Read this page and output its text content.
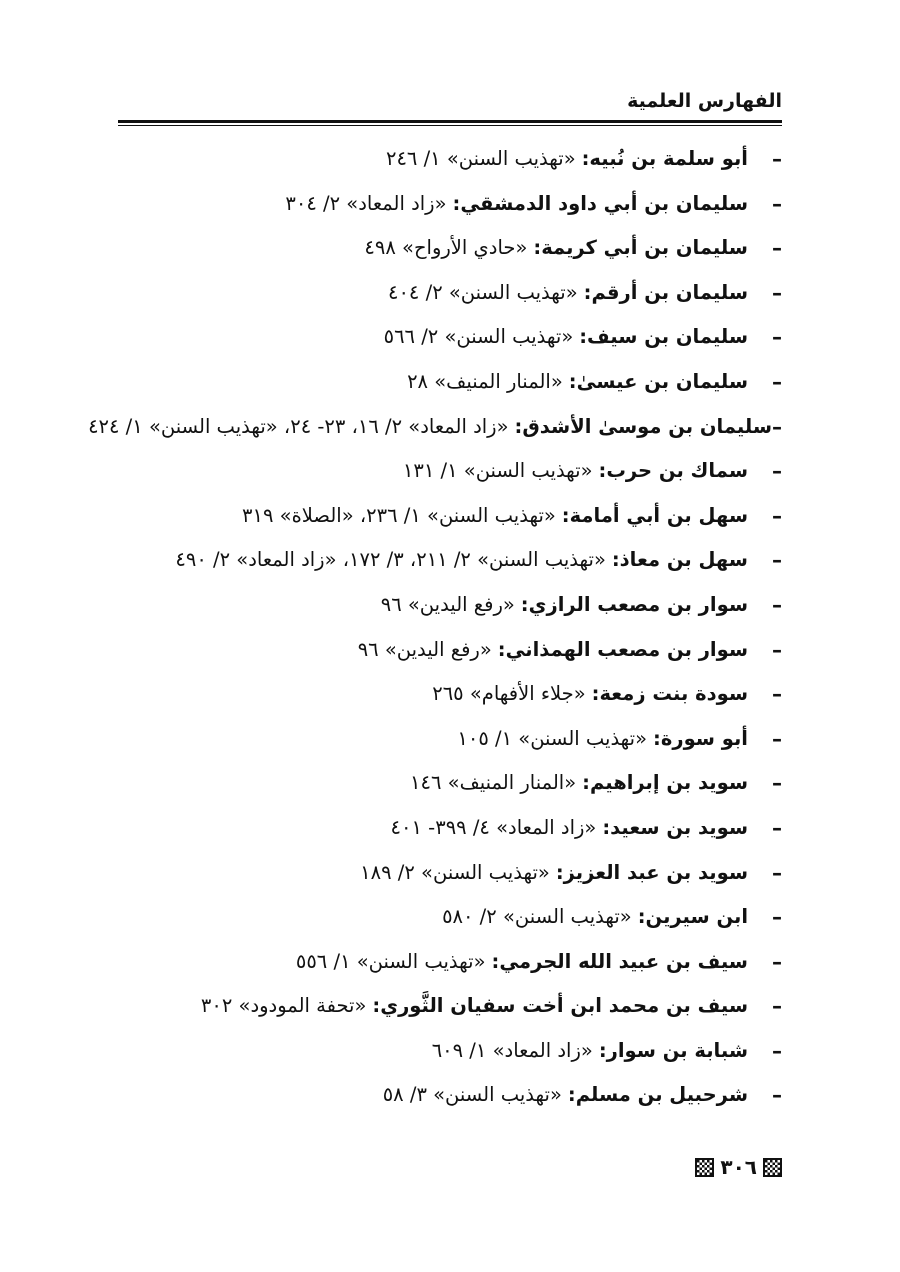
الفهارس العلمية
–
أبو سلمة بن نُبيه:
«تهذيب السنن» ١/ ٢٤٦
–
سليمان بن أبي داود الدمشقي:
«زاد المعاد» ٢/ ٣٠٤
–
سليمان بن أبي كريمة:
«حادي الأرواح» ٤٩٨
–
سليمان بن أرقم:
«تهذيب السنن» ٢/ ٤٠٤
–
سليمان بن سيف:
«تهذيب السنن» ٢/ ٥٦٦
–
سليمان بن عيسىٰ:
«المنار المنيف» ٢٨
–
سليمان بن موسىٰ الأشدق:
«زاد المعاد» ٢/ ١٦، ٢٣- ٢٤، «تهذيب السنن» ١/ ٤٢٤
–
سماك بن حرب:
«تهذيب السنن» ١/ ١٣١
–
سهل بن أبي أمامة:
«تهذيب السنن» ١/ ٢٣٦، «الصلاة» ٣١٩
–
سهل بن معاذ:
«تهذيب السنن» ٢/ ٢١١، ٣/ ١٧٢، «زاد المعاد» ٢/ ٤٩٠
–
سوار بن مصعب الرازي:
«رفع اليدين» ٩٦
–
سوار بن مصعب الهمذاني:
«رفع اليدين» ٩٦
–
سودة بنت زمعة:
«جلاء الأفهام» ٢٦٥
–
أبو سورة:
«تهذيب السنن» ١/ ١٠٥
–
سويد بن إبراهيم:
«المنار المنيف» ١٤٦
–
سويد بن سعيد:
«زاد المعاد» ٤/ ٣٩٩- ٤٠١
–
سويد بن عبد العزيز:
«تهذيب السنن» ٢/ ١٨٩
–
ابن سيرين:
«تهذيب السنن» ٢/ ٥٨٠
–
سيف بن عبيد الله الجرمي:
«تهذيب السنن» ١/ ٥٥٦
–
سيف بن محمد ابن أخت سفيان الثَّوري:
«تحفة المودود» ٣٠٢
–
شبابة بن سوار:
«زاد المعاد» ١/ ٦٠٩
–
شرحبيل بن مسلم:
«تهذيب السنن» ٣/ ٥٨
٣٠٦
